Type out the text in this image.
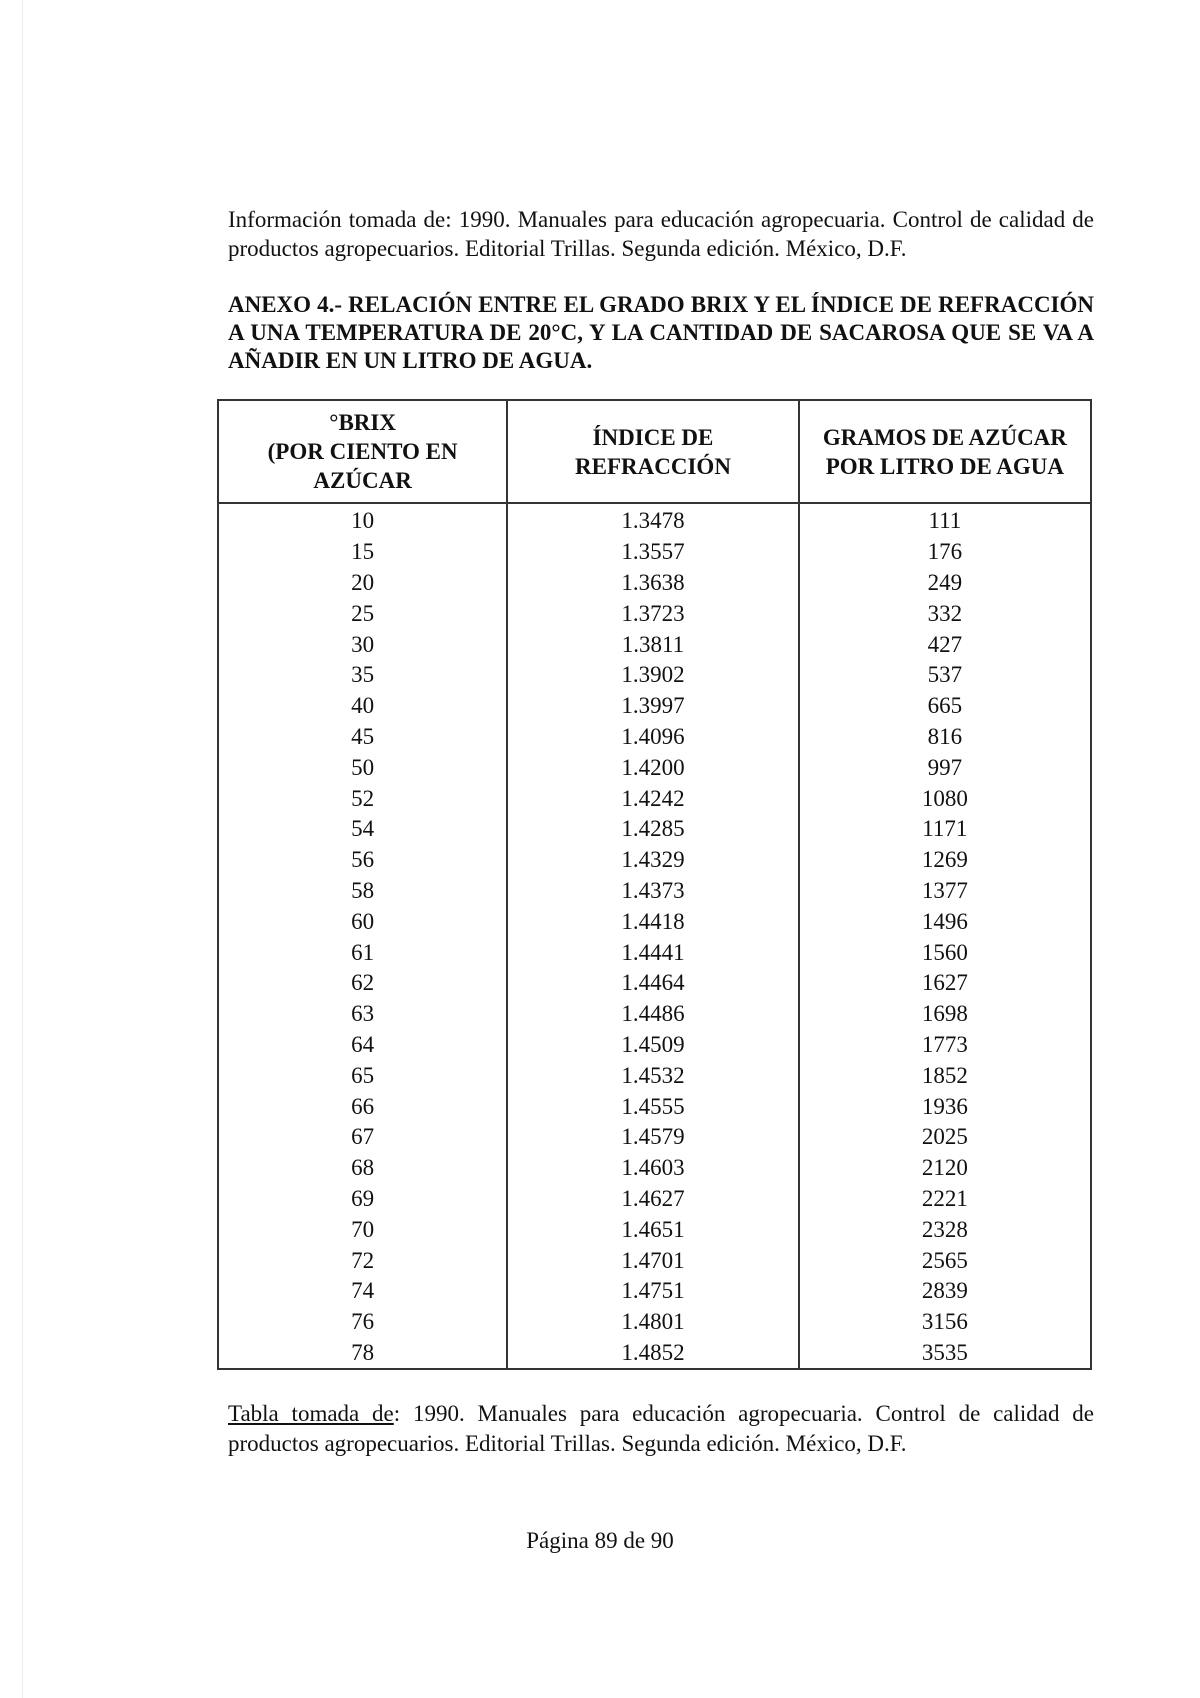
Información tomada de: 1990. Manuales para educación agropecuaria. Control de calidad de productos agropecuarios. Editorial Trillas. Segunda edición. México, D.F.

ANEXO 4.- RELACIÓN ENTRE EL GRADO BRIX Y EL ÍNDICE DE REFRACCIÓN A UNA TEMPERATURA DE 20°C, Y LA CANTIDAD DE SACAROSA QUE SE VA A AÑADIR EN UN LITRO DE AGUA.

°BRIX
(POR CIENTO EN
AZÚCAR	ÍNDICE DE
REFRACCIÓN	GRAMOS DE AZÚCAR
POR LITRO DE AGUA
10	1.3478	111
15	1.3557	176
20	1.3638	249
25	1.3723	332
30	1.3811	427
35	1.3902	537
40	1.3997	665
45	1.4096	816
50	1.4200	997
52	1.4242	1080
54	1.4285	1171
56	1.4329	1269
58	1.4373	1377
60	1.4418	1496
61	1.4441	1560
62	1.4464	1627
63	1.4486	1698
64	1.4509	1773
65	1.4532	1852
66	1.4555	1936
67	1.4579	2025
68	1.4603	2120
69	1.4627	2221
70	1.4651	2328
72	1.4701	2565
74	1.4751	2839
76	1.4801	3156
78	1.4852	3535

Tabla tomada de: 1990. Manuales para educación agropecuaria. Control de calidad de productos agropecuarios. Editorial Trillas. Segunda edición. México, D.F.

Página 89 de 90
